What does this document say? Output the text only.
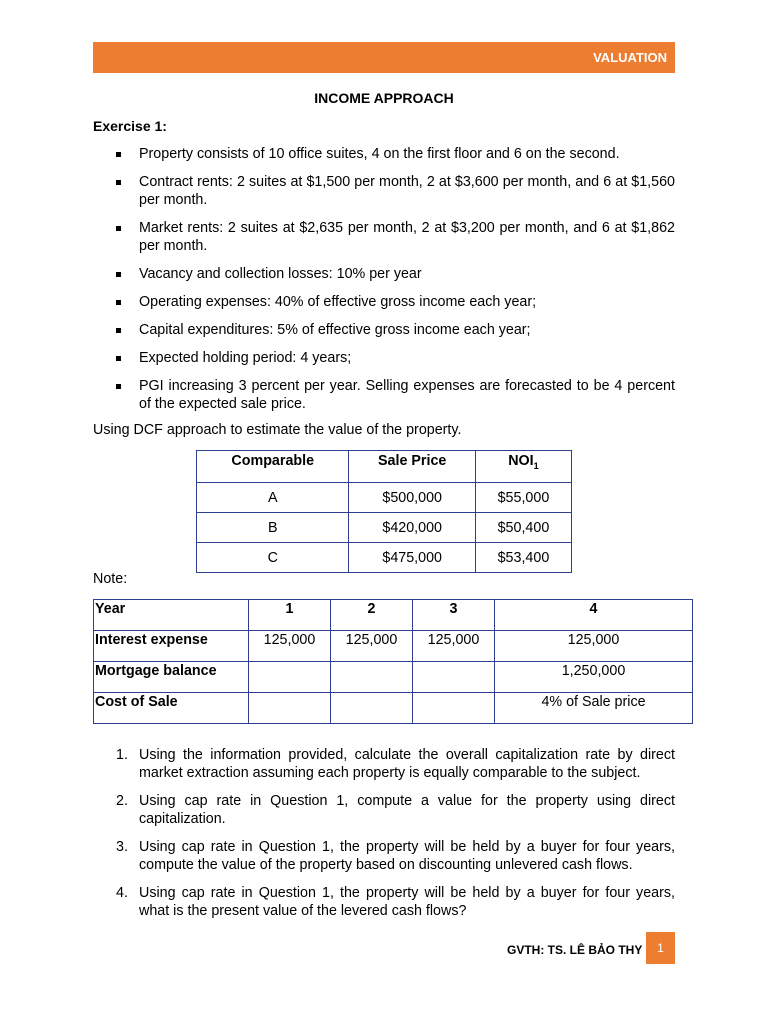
VALUATION
INCOME APPROACH
Exercise 1:
Property consists of 10 office suites, 4 on the first floor and 6 on the second.
Contract rents: 2 suites at $1,500 per month, 2 at $3,600 per month, and 6 at $1,560 per month.
Market rents: 2 suites at $2,635 per month, 2 at $3,200 per month, and 6 at $1,862 per month.
Vacancy and collection losses: 10% per year
Operating expenses: 40% of effective gross income each year;
Capital expenditures: 5% of effective gross income each year;
Expected holding period: 4 years;
PGI increasing 3 percent per year. Selling expenses are forecasted to be 4 percent of the expected sale price.
Using DCF approach to estimate the value of the property.
Comparable	Sale Price	$NOI_1$
A	$500,000	$55,000
B	$420,000	$50,400
C	$475,000	$53,400
Note:
Year	1	2	3	4
Interest expense	125,000	125,000	125,000	125,000
Mortgage balance				1,250,000
Cost of Sale				4% of Sale price
1. Using the information provided, calculate the overall capitalization rate by direct market extraction assuming each property is equally comparable to the subject.
2. Using cap rate in Question 1, compute a value for the property using direct capitalization.
3. Using cap rate in Question 1, the property will be held by a buyer for four years, compute the value of the property based on discounting unlevered cash flows.
4. Using cap rate in Question 1, the property will be held by a buyer for four years, what is the present value of the levered cash flows?
GVTH: TS. LÊ BẢO THY	1
